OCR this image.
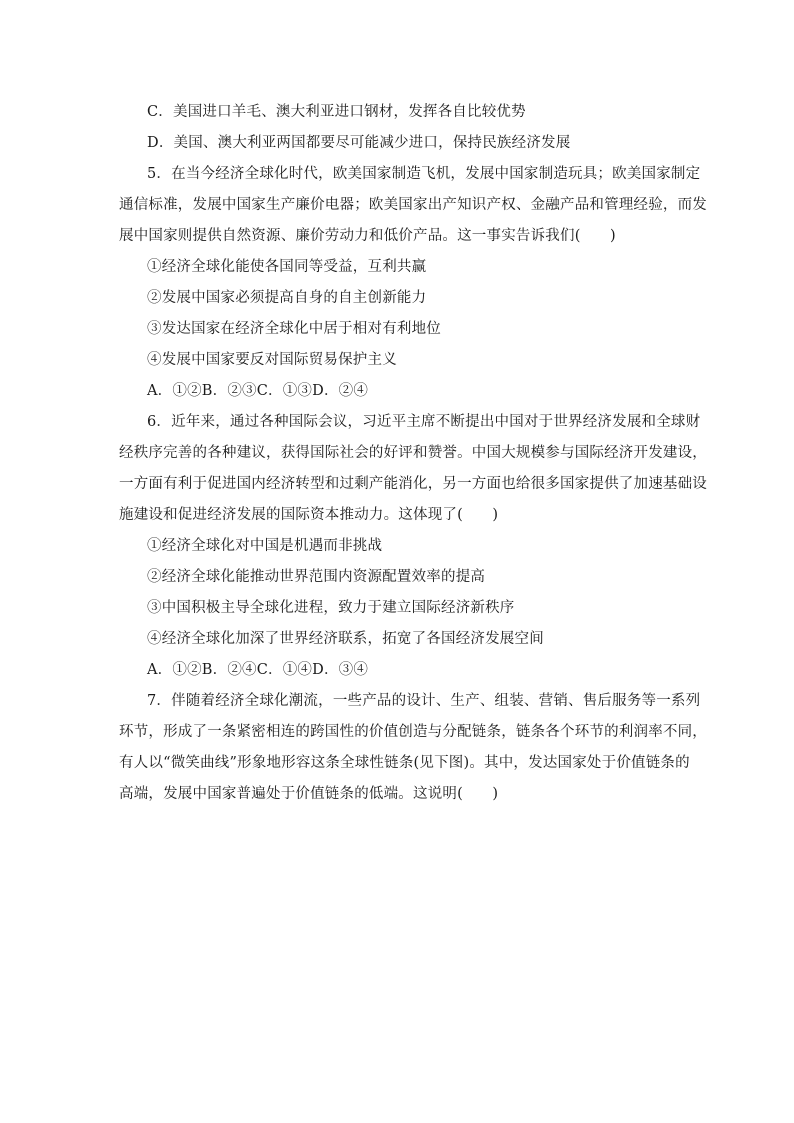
C．美国进口羊毛、澳大利亚进口钢材，发挥各自比较优势
D．美国、澳大利亚两国都要尽可能减少进口，保持民族经济发展
5．在当今经济全球化时代，欧美国家制造飞机，发展中国家制造玩具；欧美国家制定
通信标准，发展中国家生产廉价电器；欧美国家出产知识产权、金融产品和管理经验，而发
展中国家则提供自然资源、廉价劳动力和低价产品。这一事实告诉我们(　　)
①经济全球化能使各国同等受益，互利共赢
②发展中国家必须提高自身的自主创新能力
③发达国家在经济全球化中居于相对有利地位
④发展中国家要反对国际贸易保护主义
A．①②B．②③C．①③D．②④
6．近年来，通过各种国际会议，习近平主席不断提出中国对于世界经济发展和全球财
经秩序完善的各种建议，获得国际社会的好评和赞誉。中国大规模参与国际经济开发建设，
一方面有利于促进国内经济转型和过剩产能消化，另一方面也给很多国家提供了加速基础设
施建设和促进经济发展的国际资本推动力。这体现了(　　)
①经济全球化对中国是机遇而非挑战
②经济全球化能推动世界范围内资源配置效率的提高
③中国积极主导全球化进程，致力于建立国际经济新秩序
④经济全球化加深了世界经济联系，拓宽了各国经济发展空间
A．①②B．②④C．①④D．③④
7．伴随着经济全球化潮流，一些产品的设计、生产、组装、营销、售后服务等一系列
环节，形成了一条紧密相连的跨国性的价值创造与分配链条，链条各个环节的利润率不同，
有人以“微笑曲线”形象地形容这条全球性链条(见下图)。其中，发达国家处于价值链条的
高端，发展中国家普遍处于价值链条的低端。这说明(　　)
